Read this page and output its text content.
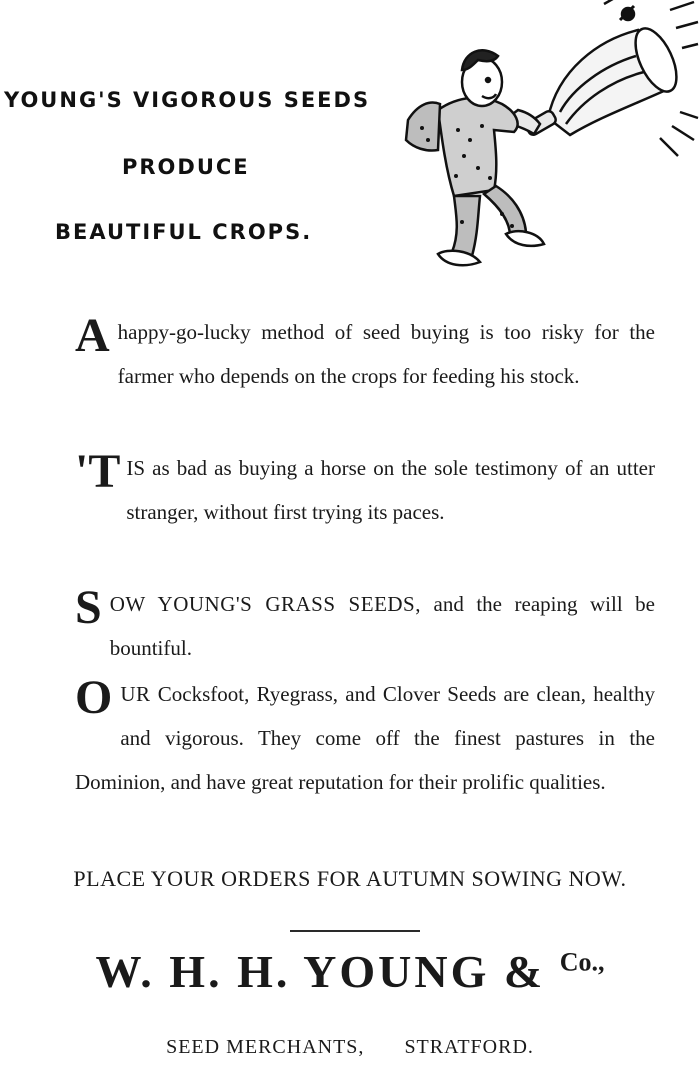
YOUNG'S VIGOROUS SEEDS
PRODUCE
BEAUTIFUL CROPS.
A happy-go-lucky method of seed buying is too risky for the farmer who depends on the crops for feeding his stock.
'T IS as bad as buying a horse on the sole testimony of an utter stranger, without first trying its paces.
S OW YOUNG'S GRASS SEEDS, and the reaping will be bountiful.
O UR Cocksfoot, Ryegrass, and Clover Seeds are clean, healthy and vigorous. They come off the finest pastures in the Dominion, and have great reputation for their prolific qualities.
PLACE YOUR ORDERS FOR AUTUMN SOWING NOW.
W. H. H. YOUNG & $^{Co.,}$
SEED MERCHANTS, STRATFORD.
